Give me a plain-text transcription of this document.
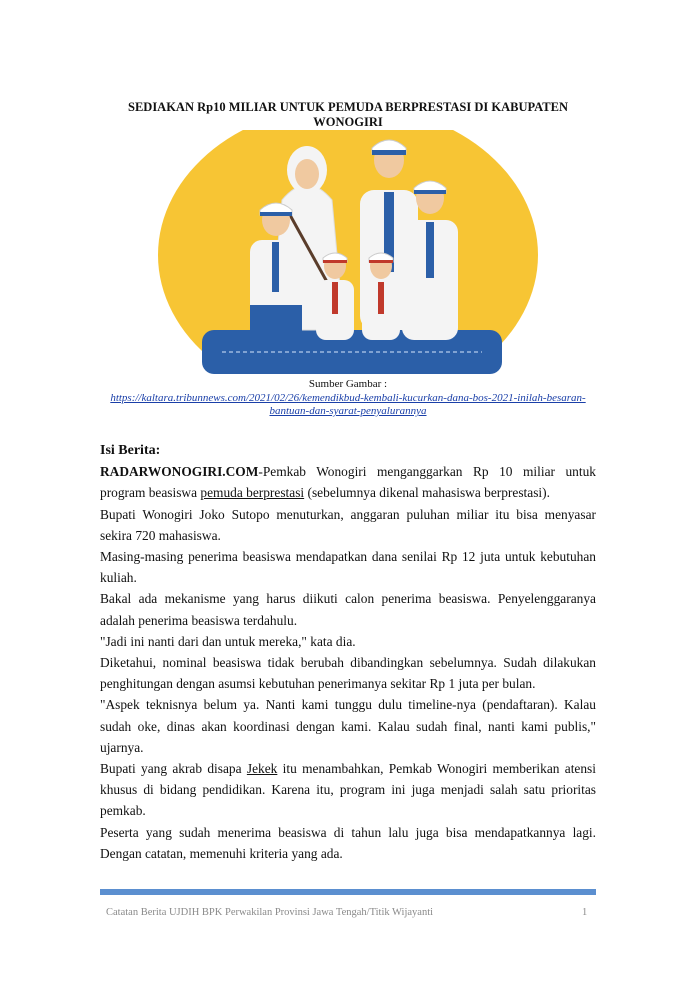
SEDIAKAN Rp10 MILIAR UNTUK PEMUDA BERPRESTASI DI KABUPATEN WONOGIRI
Sumber Gambar :
https://kaltara.tribunnews.com/2021/02/26/kemendikbud-kembali-kucurkan-dana-bos-2021-inilah-besaran-bantuan-dan-syarat-penyalurannya

Isi Berita:

RADARWONOGIRI.COM-Pemkab Wonogiri menganggarkan Rp 10 miliar untuk program beasiswa pemuda berprestasi (sebelumnya dikenal mahasiswa berprestasi).

Bupati Wonogiri Joko Sutopo menuturkan, anggaran puluhan miliar itu bisa menyasar sekira 720 mahasiswa.

Masing-masing penerima beasiswa mendapatkan dana senilai Rp 12 juta untuk kebutuhan kuliah.

Bakal ada mekanisme yang harus diikuti calon penerima beasiswa. Penyelenggaranya adalah penerima beasiswa terdahulu.

"Jadi ini nanti dari dan untuk mereka," kata dia.

Diketahui, nominal beasiswa tidak berubah dibandingkan sebelumnya. Sudah dilakukan penghitungan dengan asumsi kebutuhan penerimanya sekitar Rp 1 juta per bulan.

"Aspek teknisnya belum ya. Nanti kami tunggu dulu timeline-nya (pendaftaran). Kalau sudah oke, dinas akan koordinasi dengan kami. Kalau sudah final, nanti kami publis," ujarnya.

Bupati yang akrab disapa Jekek itu menambahkan, Pemkab Wonogiri memberikan atensi khusus di bidang pendidikan. Karena itu, program ini juga menjadi salah satu prioritas pemkab.

Peserta yang sudah menerima beasiswa di tahun lalu juga bisa mendapatkannya lagi. Dengan catatan, memenuhi kriteria yang ada.

Catatan Berita UJDIH BPK Perwakilan Provinsi Jawa Tengah/Titik Wijayanti	1
